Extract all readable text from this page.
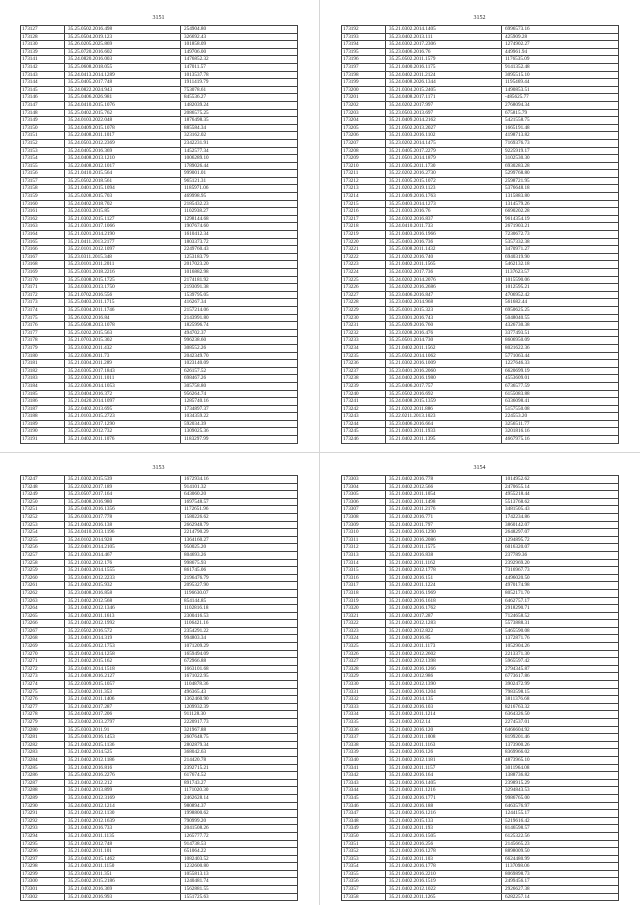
3151
173127	35.25.0502.2016.498	254904.80
173128	35.25.0504.2019.123	326692.43
173130	35.26.0205.2025.869	101858.09
173139	35.25.0720.2016.602	149706.00
173141	35.24.0820.2016.003	1476852.32
173142	35.25.0608.2018.055	147011.57
173143	35.24.0413.2014.1289	1013537.78
173144	35.25.0405.2017.748	1911419.79
173145	35.24.0822.2024.943	753078.61
173146	35.25.0406.2026.981	845536.27
173147	35.24.0410.2015.1076	1482039.24
173148	35.25.0402.2015.762	2086575.25
173149	35.24.0103.2022.048	1876498.35
173150	35.24.0409.2015.1078	885584.34
173151	35.22.0408.2011.1017	323162.02
173152	35.24.0503.2012.2369	2342231.91
173153	35.24.0405.2016.369	1452577.34
173154	35.24.0408.2013.1210	1006289.10
173155	35.22.0408.2012.1017	1789026.44
173156	35.21.0410.2015.564	999001.01
173157	35.25.0502.2018.561	965121.31
173158	35.21.0401.2015.1094	1185971.06
173159	35.25.0208.2015.703	469998.95
173160	35.24.0402.2018.702	2185432.23
173161	35.24.0303.2015.85	1102938.27
173162	35.21.0302.2015.1127	1298144.68
173163	35.21.0301.2017.1066	1907674.60
173164	35.21.0201.2014.2190	1610412.34
173165	35.21.0411.2013.2177	1803373.72
173166	35.22.0101.2012.1097	2249760.43
173167	35.23.0311.2015.348	1253183.79
173168	35.23.0101.2011.2011	2017023.20
173169	35.25.0301.2018.2216	1016882.98
173170	35.25.0308.2015.1725	2174181.92
173171	35.24.0303.2013.1750	2193091.38
173172	35.21.0702.2016.556	1539795.05
173173	35.25.0403.2011.1715	416267.34
173174	35.25.0304.2011.1746	2157214.06
173175	35.26.0202.2016.84	2143991.80
173176	35.25.0508.2013.1078	1825996.74
173177	35.25.0202.2015.563	494702.37
173178	35.21.0703.2015.302	996238.60
173179	35.23.0302.2011.432	308552.26
173180	35.22.0306.2011.73	2042349.70
173181	35.21.0304.2011.289	1023140.09
173182	35.24.0305.2017.1843	626157.52
173183	35.22.0302.2011.1011	698467.26
173184	35.22.0306.2014.1053	305758.80
173185	35.23.0404.2016.372	956264.74
173186	35.21.0420.2014.1097	1285740.16
173187	35.22.0402.2013.695	1734897.37
173188	35.21.0103.2015.2723	1034359.22
173189	35.23.0403.2017.1290	592034.39
173190	35.25.0302.2012.732	1309025.36
173191	35.21.0402.2011.1076	1183297.99
3152
173192	35.21.0302.2014.1405	6996573.16
173193	35.23.0402.2013.111	425909.28
173194	35.24.0302.2017.2306	1274902.27
173195	35.23.0406.2016.76	449961.94
173196	35.25.0502.2011.1579	1176535.09
173197	35.21.0400.2016.1175	9141352.48
173198	35.24.0402.2011.2124	3095515.10
173199	35.24.0408.2026.1344	1195469.44
173200	35.21.0304.2015.2405	1490853.51
173201	35.24.0408.2017.1171	-485625.77
173202	35.24.0202.2017.997	2768094.34
173203	35.23.0503.2013.697	675815.79
173204	35.21.0409.2014.2162	5421558.75
173205	35.21.0502.2013.2027	1665191.48
173206	35.21.0303.2016.1102	4198713.82
173207	35.23.0202.2014.1475	7169376.73
173208	35.21.0405.2017.2279	9225919.17
173209	35.21.0501.2014.1879	3102530.30
173210	35.21.0305.2011.1730	6930283.28
173211	35.22.0202.2016.2730	5299768.80
173212	35.21.0305.2015.1072	2598721.95
173213	35.21.0202.2019.1123	5376648.18
173214	35.21.0409.2016.1763	1315883.80
173215	35.25.0403.2014.1273	1314579.26
173216	35.21.0303.2016.76	6690202.28
173217	35.24.0302.2016.837	9614354.19
173218	35.24.0410.2011.733	2671903.21
173219	35.21.0403.2016.1966	7230672.73
173220	35.25.0403.2016.736	5357332.38
173221	35.25.0308.2011.1432	3470971.27
173222	35.21.0202.2016.740	6940319.90
173223	35.21.0402.2011.1565	5462132.18
173224	35.24.0302.2017.736	1137623.57
173225	35.24.0202.2014.2076	1015590.06
173226	35.24.0202.2016.2686	1012595.21
173227	35.23.0406.2016.847	4706952.42
173228	35.23.0402.2014.968	561682.44
173229	35.25.0301.2015.323	6950625.25
173230	35.23.0301.2016.743	5048040.55
173231	35.25.0209.2016.760	4326730.38
173232	35.23.0208.2016.476	3377493.51
173233	35.25.0501.2014.730	8606950.09
173234	35.21.0402.2011.1562	8021622.36
173235	35.25.0502.2014.1062	5771063.44
173236	35.21.0302.2016.1009	1227646.33
173237	35.23.0401.2016.2060	6620699.19
173238	35.24.0402.2016.1980	4553609.01
173239	35.25.0406.2017.757	6736577.59
173240	35.25.0502.2016.692	6155083.88
173241	35.24.0408.2015.1359	6336098.41
173242	35.21.0202.2011.886	5157550.08
173243	35.22.0211.2013.1023	224553.20
173244	35.23.0406.2016.664	3256511.77
173245	35.21.0403.2011.1933	3201816.16
173246	35.21.0402.2011.1395	4667975.16
3153
173247	35.21.0302.2015.539	1672934.16
173248	35.22.0202.2017.189	914101.32
173249	35.23.0507.2017.164	643060.20
173250	35.25.0408.2016.980	1697548.57
173251	35.25.0403.2016.1356	1172651.96
173252	35.26.0303.2017.778	1580226.62
173253	35.21.0402.2016.138	2662948.79
173254	35.24.0410.2013.1196	2214790.29
173255	35.24.0102.2014.928	1364160.27
173256	35.22.0401.2014.2105	950025.20
173257	35.21.0303.2014.467	804693.26
173258	35.21.0302.2012.176	998675.93
173259	35.21.0403.2014.1555	861745.06
173260	35.23.0401.2012.2233	2196476.79
173261	35.21.0402.2015.932	2095327.90
173262	35.23.0408.2016.858	1196630.07
173263	35.21.0402.2012.568	854144.85
173264	35.21.0402.2012.1346	1102816.18
173265	35.21.0402.2011.1613	2300416.53
173266	35.21.0402.2012.1992	1106421.16
173267	35.22.0502.2016.572	2354291.22
173268	35.21.0401.2014.319	994803.34
173269	35.22.0405.2012.1753	1071209.29
173270	35.21.0402.2014.1258	1659494.09
173271	35.21.0402.2015.162	672966.88
173272	35.23.0401.2014.1518	1663101.68
173273	35.21.0408.2016.2127	1671022.95
173274	35.22.0309.2015.1057	1104878.36
173275	35.23.0402.2011.353	496365.43
173276	35.21.0402.2011.1406	1362460.90
173277	35.21.0402.2017.287	1209932.39
173278	35.24.0402.2017.206	911128.30
173279	35.23.0402.2013.2797	2220917.73
173280	35.25.0303.2011.91	321967.88
173281	35.25.0403.2016.1453	2607648.75
173282	35.21.0402.2015.1136	2802879.34
173283	35.21.0402.2014.525	368042.63
173284	35.21.0402.2012.1186	214420.78
173285	35.21.0402.2016.816	2392715.21
173286	35.25.0402.2016.2276	617674.52
173287	35.21.0402.2012.212	891743.27
173288	35.21.0402.2013.899	1171020.30
173289	35.23.0402.2012.3169	2462628.14
173290	35.24.0402.2012.1214	980894.37
173291	35.21.0402.2012.1130	1998800.62
173292	35.21.0402.2012.1639	790999.20
173293	35.21.0402.2016.733	2041508.26
173294	35.21.0402.2011.1135	1265777.72
173295	35.21.0402.2012.748	914738.53
173296	35.21.0402.2011.101	651064.22
173297	35.23.0402.2015.1462	1082403.52
173298	35.21.0402.2011.1150	1232600.80
173299	35.23.0402.2011.351	1055813.13
173300	35.25.0402.2015.2186	1240481.74
173301	35.21.0402.2016.369	1562881.55
173302	35.21.0402.2016.993	1551725.63
3154
173303	35.21.0402.2016.778	1014952.62
173304	35.21.0402.2012.566	2470655.14
173305	35.21.0402.2011.1054	4955218.44
173306	35.21.0402.2011.1498	5513768.62
173307	35.21.0402.2011.2176	3481505.43
173308	35.21.0402.2016.771	1742234.86
173309	35.21.0402.2011.797	3860142.07
173310	35.21.0402.2016.1290	2648297.07
173311	35.21.0402.2016.2086	1294895.72
173312	35.21.0402.2011.1575	6016320.07
173313	35.21.0402.2016.838	237789.36
173314	35.21.0402.2011.1162	2392969.20
173315	35.21.0402.2012.1778	7316967.73
173316	35.21.0402.2016.151	4496020.50
173317	35.21.0402.2011.1224	4970174.98
173318	35.21.0402.2016.1969	8052171.70
173319	35.21.0402.2016.1618	6462757.17
173320	35.21.0402.2016.1762	2918290.71
173321	35.21.0402.2017.287	7124658.52
173322	35.21.0402.2012.1283	5573888.31
173323	35.21.0402.2012.822	5465590.08
173324	35.21.0402.2016.85	1372871.76
173325	35.21.0402.2011.1173	1052904.26
173326	35.21.0402.2012.2602	2213371.30
173327	35.21.0402.2012.1398	5965597.42
173328	35.21.0402.2016.1266	2794345.87
173329	35.21.0402.2012.986	6773617.86
173330	35.21.0402.2012.1390	3902472.99
173331	35.21.0402.2016.1204	7983598.15
173332	35.21.0402.2014.135	3811376.68
173333	35.21.0402.2016.103	8216763.32
173334	35.21.0402.2011.1214	6364326.50
173335	35.21.0402.2012.14	2274537.01
173336	35.21.0402.2016.120	6466604.92
173337	35.21.0402.2011.1008	8199201.46
173338	35.21.0402.2011.1163	1373900.26
173339	35.21.0402.2016.126	8369966.02
173340	35.21.0402.2012.1181	4873965.10
173341	35.21.0402.2011.1157	3011964.08
173342	35.21.0402.2016.164	1388736.82
173343	35.21.0402.2016.1405	2398915.29
173344	35.21.0402.2011.1216	3294843.53
173345	35.21.0402.2016.1771	9986765.00
173346	35.21.0402.2016.188	6463576.97
173347	35.21.0402.2016.1216	1244155.17
173348	35.21.0402.2015.133	5219616.42
173349	35.21.0402.2011.193	8146598.57
173350	35.21.0402.2016.1505	6125322.56
173351	35.21.0402.2016.256	2145665.23
173352	35.21.0402.2016.1278	8898009.50
173353	35.21.0402.2011.103	6624480.99
173354	35.21.0402.2016.1778	1137098.06
173355	35.21.0402.2016.2210	8069898.73
173356	35.21.0402.2016.1519	2499456.17
173357	35.21.0402.2012.1022	2926627.38
173358	35.21.0402.2011.1265	6282257.14
